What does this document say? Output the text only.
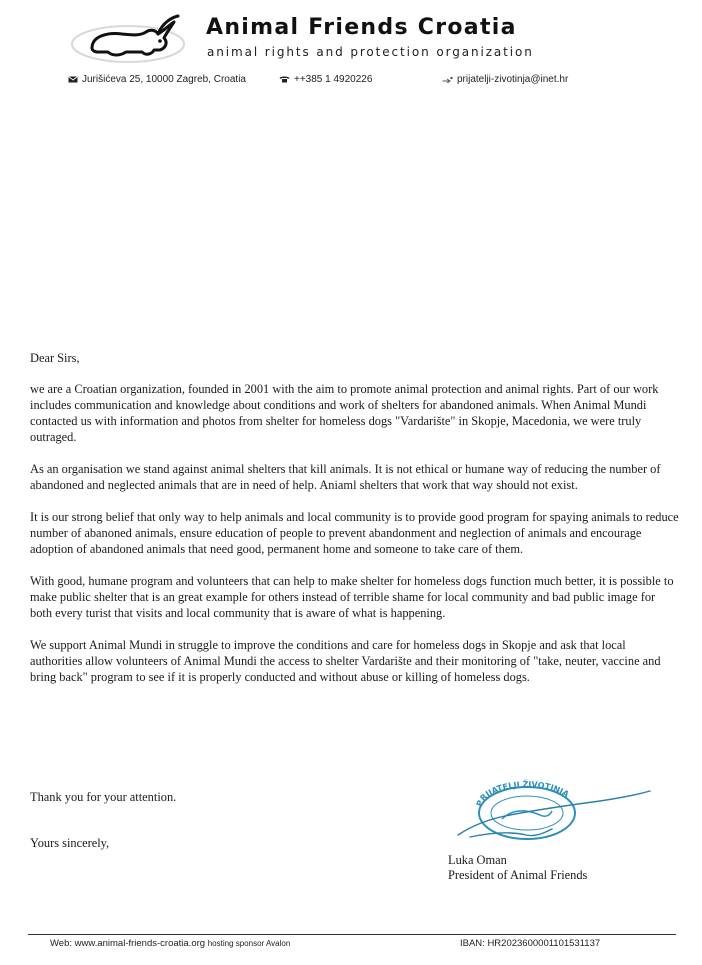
Animal Friends Croatia
animal rights and protection organization
Jurišićeva 25, 10000 Zagreb, Croatia	++385 1 4920226	prijatelji-zivotinja@inet.hr

Dear Sirs,

we are a Croatian organization, founded in 2001 with the aim to promote animal protection and animal rights. Part of our work includes communication and knowledge about conditions and work of shelters for abandoned animals. When Animal Mundi contacted us with information and photos from shelter for homeless dogs "Vardarište" in Skopje, Macedonia, we were truly outraged.

As an organisation we stand against animal shelters that kill animals. It is not ethical or humane way of reducing the number of abandoned and neglected animals that are in need of help. Aniaml shelters that work that way should not exist.

It is our strong belief that only way to help animals and local community is to provide good program for spaying animals to reduce number of abanoned animals, ensure education of people to prevent abandonment and neglection of animals and encourage adoption of abandoned animals that need good, permanent home and someone to take care of them.

With good, humane program and volunteers that can help to make shelter for homeless dogs function much better, it is possible to make public shelter that is an great example for others instead of terrible shame for local community and bad public image for both every turist that visits and local community that is aware of what is happening.

We support Animal Mundi in struggle to improve the conditions and care for homeless dogs in Skopje and ask that local authorities allow volunteers of Animal Mundi the access to shelter Vardarište and their monitoring of "take, neuter, vaccine and bring back" program to see if it is properly conducted and without abuse or killing of homeless dogs.

Thank you for your attention.
Yours sincerely,
PRIJATELJI ŽIVOTINJA
Luka Oman
President of Animal Friends
Web: www.animal-friends-croatia.org hosting sponsor Avalon	IBAN: HR2023600001101531137
